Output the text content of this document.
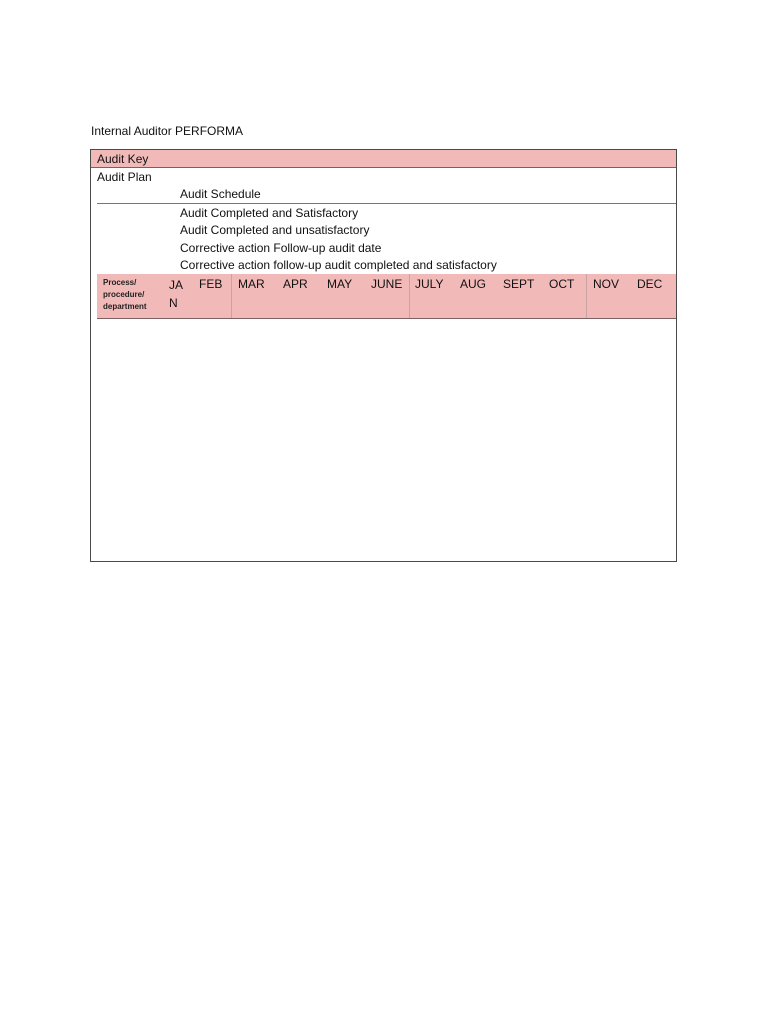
Internal Auditor PERFORMA
Audit Key
Audit Plan
Audit Schedule
Audit Completed and Satisfactory
Audit Completed and unsatisfactory
Corrective action Follow-up audit date
Corrective action follow-up audit completed and satisfactory
Process/ procedure/ department
JAN
FEB MAR APR MAY JUNE JULY AUG SEPT OCT NOV DEC
